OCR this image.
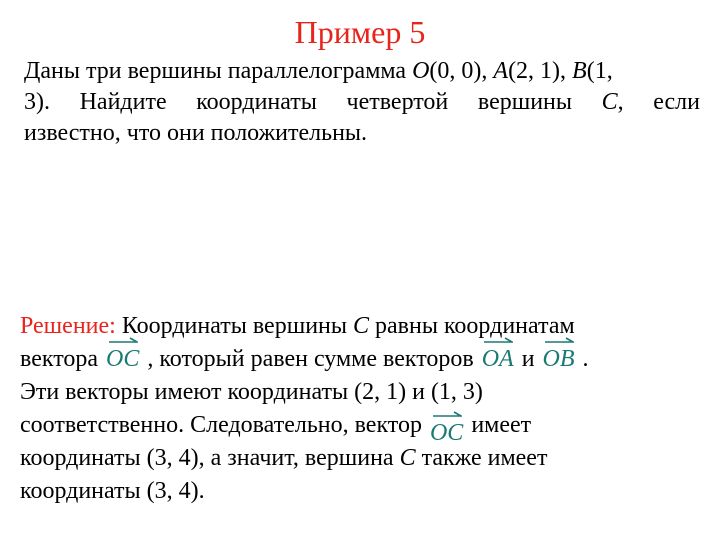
Пример 5
Даны три вершины параллелограмма O(0, 0), A(2, 1), B(1,
3). Найдите координаты четвертой вершины C, если
известно, что они положительны.
Решение: Координаты вершины C равны координатам
вектора
OC , который равен сумме векторов
OA и
OB .
Эти векторы имеют координаты (2, 1) и (1, 3)
соответственно. Следовательно, вектор
OC имеет
координаты (3, 4), а значит, вершина C также имеет
координаты (3, 4).
